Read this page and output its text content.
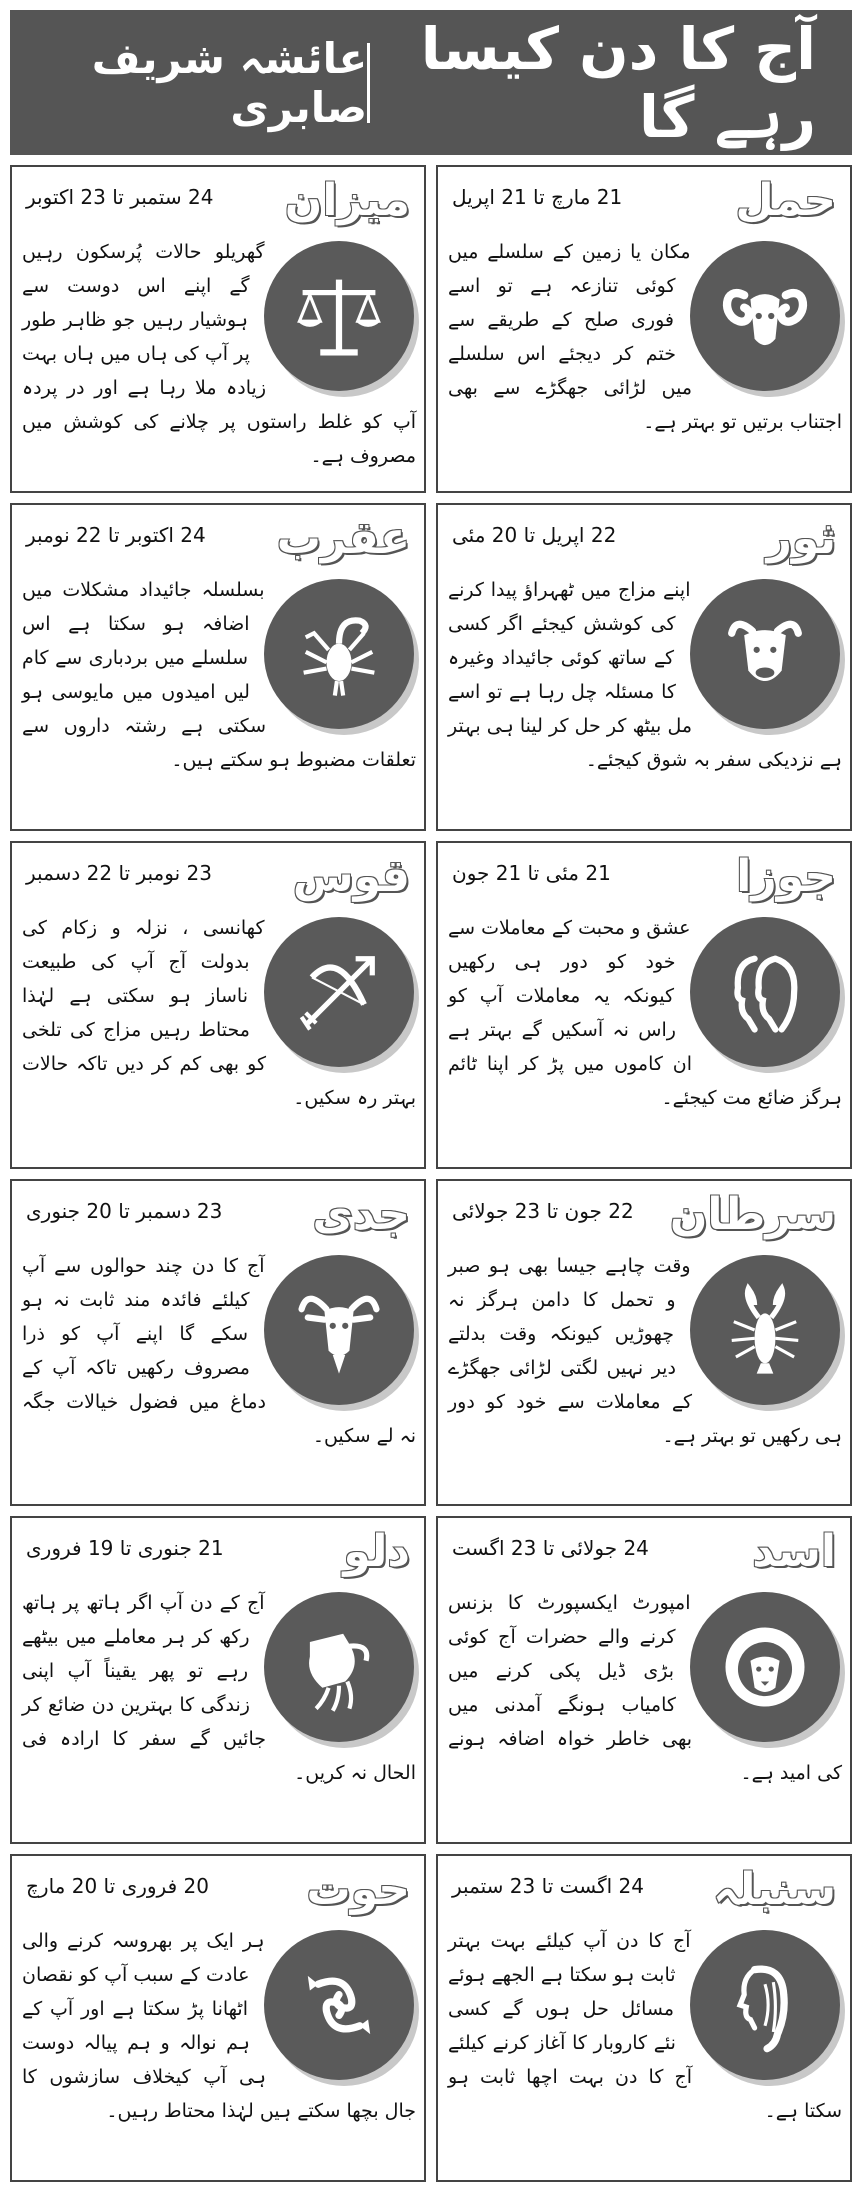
آج کا دن کیسا رہے گا
عائشہ شریف صابری
حمل
21 مارچ تا 21 اپریل
مکان یا زمین کے سلسلے میں کوئی تنازعہ ہے تو اسے فوری صلح کے طریقے سے ختم کر دیجئے اس سلسلے میں لڑائی جھگڑے سے بھی اجتناب برتیں تو بہتر ہے۔
میزان
24 ستمبر تا 23 اکتوبر
گھریلو حالات پُرسکون رہیں گے اپنے اس دوست سے ہوشیار رہیں جو ظاہر طور پر آپ کی ہاں میں ہاں بہت زیادہ ملا رہا ہے اور در پردہ آپ کو غلط راستوں پر چلانے کی کوشش میں مصروف ہے۔
ثور
22 اپریل تا 20 مئی
اپنے مزاج میں ٹھہراؤ پیدا کرنے کی کوشش کیجئے اگر کسی کے ساتھ کوئی جائیداد وغیرہ کا مسئلہ چل رہا ہے تو اسے مل بیٹھ کر حل کر لینا ہی بہتر ہے نزدیکی سفر بہ شوق کیجئے۔
عقرب
24 اکتوبر تا 22 نومبر
بسلسلہ جائیداد مشکلات میں اضافہ ہو سکتا ہے اس سلسلے میں بردباری سے کام لیں امیدوں میں مایوسی ہو سکتی ہے رشتہ داروں سے تعلقات مضبوط ہو سکتے ہیں۔
جوزا
21 مئی تا 21 جون
عشق و محبت کے معاملات سے خود کو دور ہی رکھیں کیونکہ یہ معاملات آپ کو راس نہ آسکیں گے بہتر ہے ان کاموں میں پڑ کر اپنا ٹائم ہرگز ضائع مت کیجئے۔
قوس
23 نومبر تا 22 دسمبر
کھانسی ، نزلہ و زکام کی بدولت آج آپ کی طبیعت ناساز ہو سکتی ہے لہٰذا محتاط رہیں مزاج کی تلخی کو بھی کم کر دیں تاکہ حالات بہتر رہ سکیں۔
سرطان
22 جون تا 23 جولائی
وقت چاہے جیسا بھی ہو صبر و تحمل کا دامن ہرگز نہ چھوڑیں کیونکہ وقت بدلتے دیر نہیں لگتی لڑائی جھگڑے کے معاملات سے خود کو دور ہی رکھیں تو بہتر ہے۔
جدی
23 دسمبر تا 20 جنوری
آج کا دن چند حوالوں سے آپ کیلئے فائدہ مند ثابت نہ ہو سکے گا اپنے آپ کو ذرا مصروف رکھیں تاکہ آپ کے دماغ میں فضول خیالات جگہ نہ لے سکیں۔
اسد
24 جولائی تا 23 اگست
امپورٹ ایکسپورٹ کا بزنس کرنے والے حضرات آج کوئی بڑی ڈیل پکی کرنے میں کامیاب ہونگے آمدنی میں بھی خاطر خواہ اضافہ ہونے کی امید ہے۔
دلو
21 جنوری تا 19 فروری
آج کے دن آپ اگر ہاتھ پر ہاتھ رکھ کر ہر معاملے میں بیٹھے رہے تو پھر یقیناً آپ اپنی زندگی کا بہترین دن ضائع کر جائیں گے سفر کا ارادہ فی الحال نہ کریں۔
سنبلہ
24 اگست تا 23 ستمبر
آج کا دن آپ کیلئے بہت بہتر ثابت ہو سکتا ہے الجھے ہوئے مسائل حل ہوں گے کسی نئے کاروبار کا آغاز کرنے کیلئے آج کا دن بہت اچھا ثابت ہو سکتا ہے۔
حوت
20 فروری تا 20 مارچ
ہر ایک پر بھروسہ کرنے والی عادت کے سبب آپ کو نقصان اٹھانا پڑ سکتا ہے اور آپ کے ہم نوالہ و ہم پیالہ دوست ہی آپ کیخلاف سازشوں کا جال بچھا سکتے ہیں لہٰذا محتاط رہیں۔
